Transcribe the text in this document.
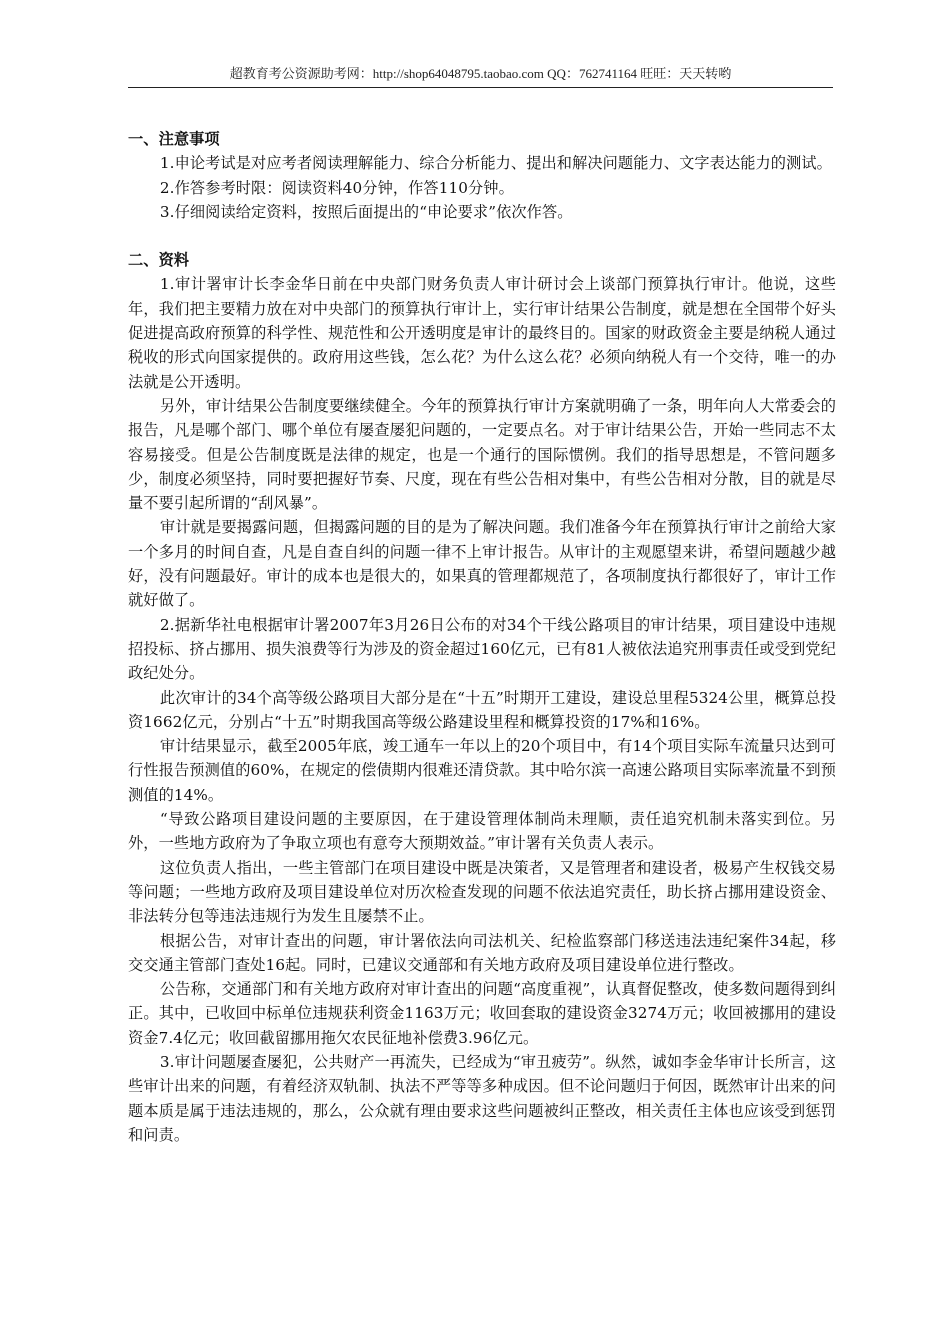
超教育考公资源助考网：http://shop64048795.taobao.com QQ：762741164 旺旺：天天转哟

一、注意事项

1.申论考试是对应考者阅读理解能力、综合分析能力、提出和解决问题能力、文字表达能力的测试。

2.作答参考时限：阅读资料40分钟，作答110分钟。

3.仔细阅读给定资料，按照后面提出的“申论要求”依次作答。

二、资料

1.审计署审计长李金华日前在中央部门财务负责人审计研讨会上谈部门预算执行审计。他说，这些年，我们把主要精力放在对中央部门的预算执行审计上，实行审计结果公告制度，就是想在全国带个好头促进提高政府预算的科学性、规范性和公开透明度是审计的最终目的。国家的财政资金主要是纳税人通过税收的形式向国家提供的。政府用这些钱，怎么花？为什么这么花？必须向纳税人有一个交待，唯一的办法就是公开透明。

另外，审计结果公告制度要继续健全。今年的预算执行审计方案就明确了一条，明年向人大常委会的报告，凡是哪个部门、哪个单位有屡查屡犯问题的，一定要点名。对于审计结果公告，开始一些同志不太容易接受。但是公告制度既是法律的规定，也是一个通行的国际惯例。我们的指导思想是，不管问题多少，制度必须坚持，同时要把握好节奏、尺度，现在有些公告相对集中，有些公告相对分散，目的就是尽量不要引起所谓的“刮风暴”。

审计就是要揭露问题，但揭露问题的目的是为了解决问题。我们准备今年在预算执行审计之前给大家一个多月的时间自查，凡是自查自纠的问题一律不上审计报告。从审计的主观愿望来讲，希望问题越少越好，没有问题最好。审计的成本也是很大的，如果真的管理都规范了，各项制度执行都很好了，审计工作就好做了。

2.据新华社电根据审计署2007年3月26日公布的对34个干线公路项目的审计结果，项目建设中违规招投标、挤占挪用、损失浪费等行为涉及的资金超过160亿元，已有81人被依法追究刑事责任或受到党纪政纪处分。

此次审计的34个高等级公路项目大部分是在“十五”时期开工建设，建设总里程5324公里，概算总投资1662亿元，分别占“十五”时期我国高等级公路建设里程和概算投资的17%和16%。

审计结果显示，截至2005年底，竣工通车一年以上的20个项目中，有14个项目实际车流量只达到可行性报告预测值的60%，在规定的偿债期内很难还清贷款。其中哈尔滨一高速公路项目实际率流量不到预测值的14%。

“导致公路项目建设问题的主要原因，在于建设管理体制尚未理顺，责任追究机制未落实到位。另外，一些地方政府为了争取立项也有意夸大预期效益。”审计署有关负责人表示。

这位负责人指出，一些主管部门在项目建设中既是决策者，又是管理者和建设者，极易产生权钱交易等问题；一些地方政府及项目建设单位对历次检查发现的问题不依法追究责任，助长挤占挪用建设资金、非法转分包等违法违规行为发生且屡禁不止。

根据公告，对审计查出的问题，审计署依法向司法机关、纪检监察部门移送违法违纪案件34起，移交交通主管部门查处16起。同时，已建议交通部和有关地方政府及项目建设单位进行整改。

公告称，交通部门和有关地方政府对审计查出的问题“高度重视”，认真督促整改，使多数问题得到纠正。其中，已收回中标单位违规获利资金1163万元；收回套取的建设资金3274万元；收回被挪用的建设资金7.4亿元；收回截留挪用拖欠农民征地补偿费3.96亿元。

3.审计问题屡查屡犯，公共财产一再流失，已经成为“审丑疲劳”。纵然，诚如李金华审计长所言，这些审计出来的问题，有着经济双轨制、执法不严等等多种成因。但不论问题归于何因，既然审计出来的问题本质是属于违法违规的，那么，公众就有理由要求这些问题被纠正整改，相关责任主体也应该受到惩罚和问责。
